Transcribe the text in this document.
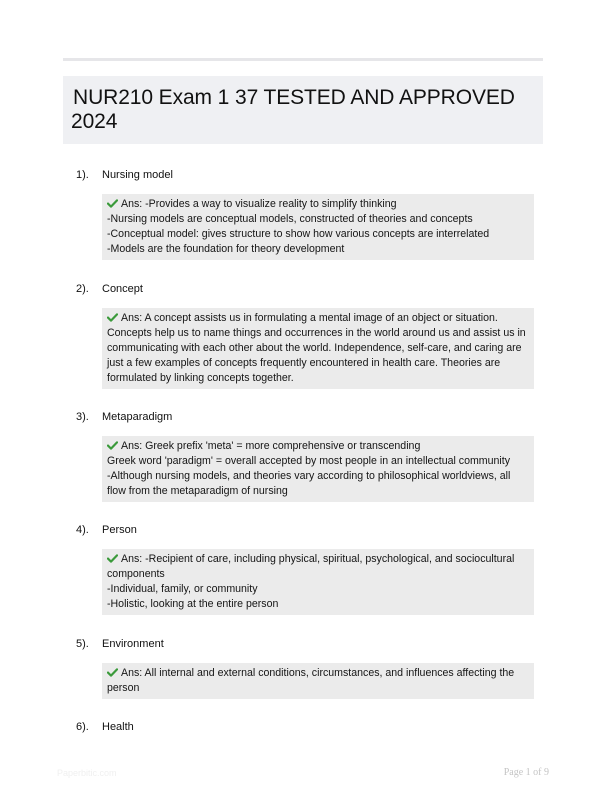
NUR210 Exam 1 37 TESTED AND APPROVED
2024
1). Nursing model
Ans: -Provides a way to visualize reality to simplify thinking
-Nursing models are conceptual models, constructed of theories and concepts
-Conceptual model: gives structure to show how various concepts are interrelated
-Models are the foundation for theory development
2). Concept
Ans: A concept assists us in formulating a mental image of an object or situation.
Concepts help us to name things and occurrences in the world around us and assist us in
communicating with each other about the world. Independence, self-care, and caring are
just a few examples of concepts frequently encountered in health care. Theories are
formulated by linking concepts together.
3). Metaparadigm
Ans: Greek prefix 'meta' = more comprehensive or transcending
Greek word 'paradigm' = overall accepted by most people in an intellectual community
-Although nursing models, and theories vary according to philosophical worldviews, all
flow from the metaparadigm of nursing
4). Person
Ans: -Recipient of care, including physical, spiritual, psychological, and sociocultural
components
-Individual, family, or community
-Holistic, looking at the entire person
5). Environment
Ans: All internal and external conditions, circumstances, and influences affecting the
person
6). Health
Paperbitic.com	Page 1 of 9
